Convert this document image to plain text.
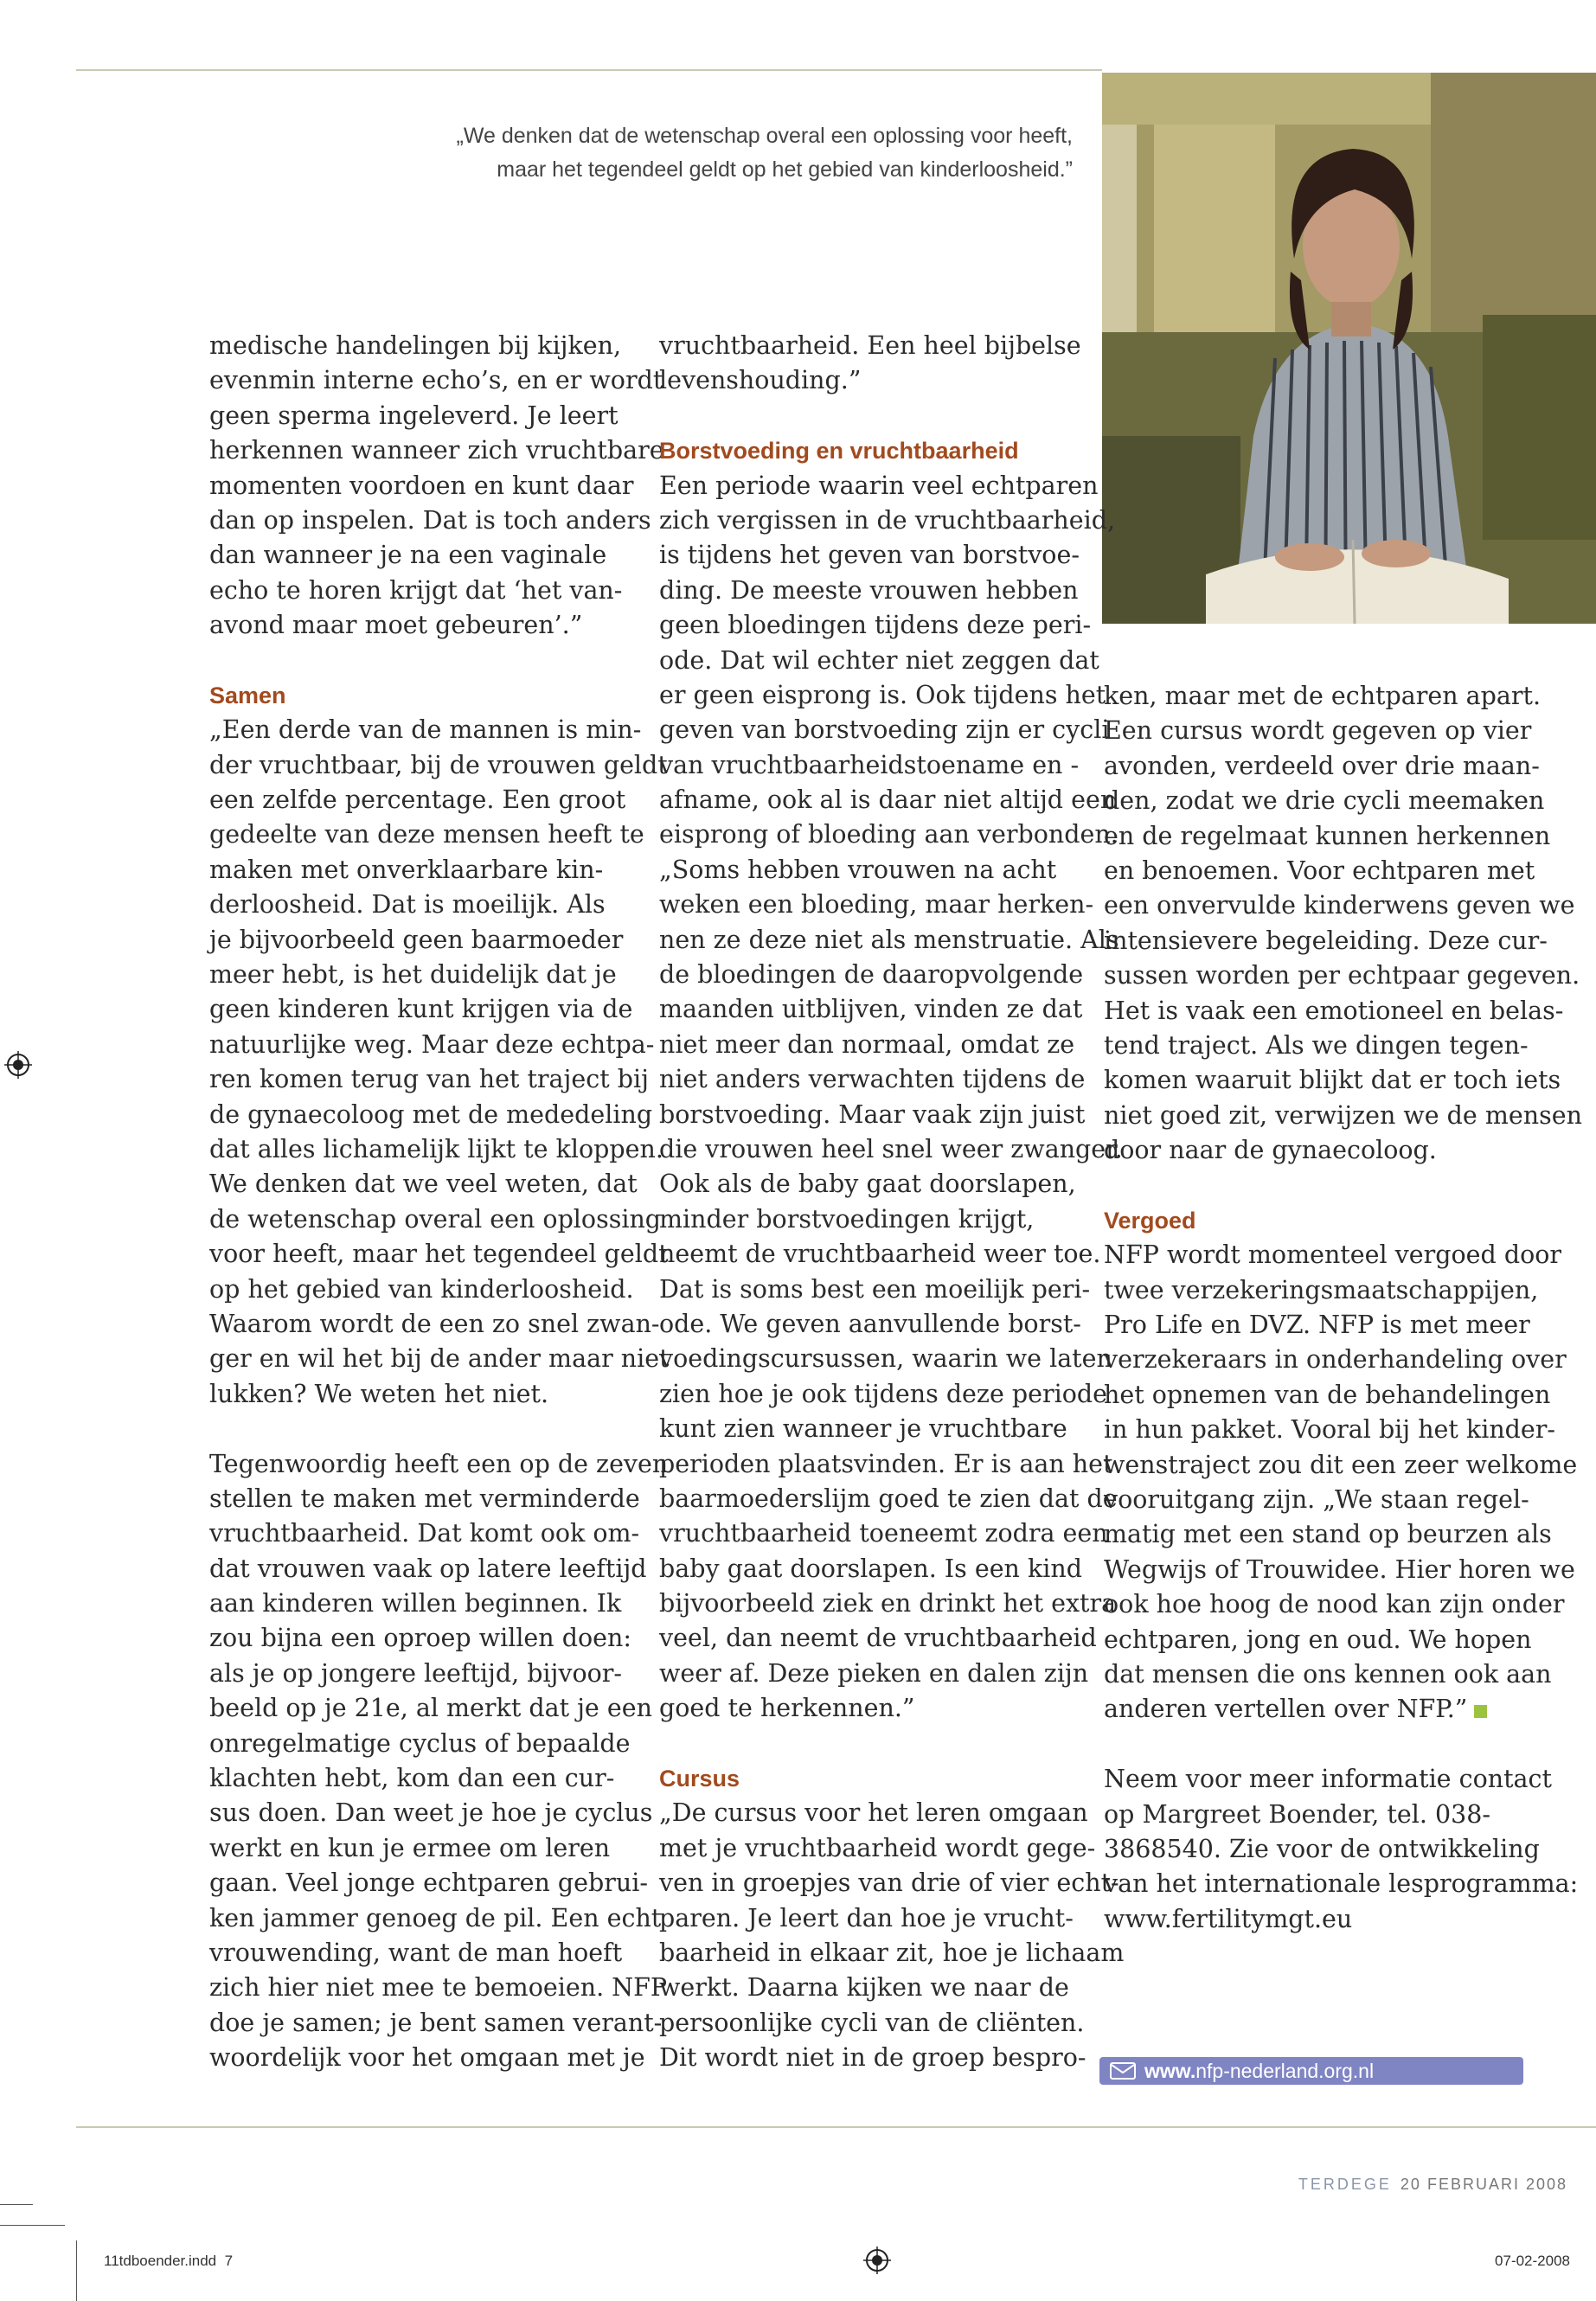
„We denken dat de wetenschap overal een oplossing voor heeft,
maar het tegendeel geldt op het gebied van kinderloosheid.”
medische handelingen bij kijken,
evenmin interne echo’s, en er wordt
geen sperma ingeleverd. Je leert
herkennen wanneer zich vruchtbare
momenten voordoen en kunt daar
dan op inspelen. Dat is toch anders
dan wanneer je na een vaginale
echo te horen krijgt dat ‘het van-
avond maar moet gebeuren’.”
Samen
„Een derde van de mannen is min-
der vruchtbaar, bij de vrouwen geldt
een zelfde percentage. Een groot
gedeelte van deze mensen heeft te
maken met onverklaarbare kin-
derloosheid. Dat is moeilijk. Als
je bijvoorbeeld geen baarmoeder
meer hebt, is het duidelijk dat je
geen kinderen kunt krijgen via de
natuurlijke weg. Maar deze echtpa-
ren komen terug van het traject bij
de gynaecoloog met de mededeling
dat alles lichamelijk lijkt te kloppen.
We denken dat we veel weten, dat
de wetenschap overal een oplossing
voor heeft, maar het tegendeel geldt
op het gebied van kinderloosheid.
Waarom wordt de een zo snel zwan-
ger en wil het bij de ander maar niet
lukken? We weten het niet.
Tegenwoordig heeft een op de zeven
stellen te maken met verminderde
vruchtbaarheid. Dat komt ook om-
dat vrouwen vaak op latere leeftijd
aan kinderen willen beginnen. Ik
zou bijna een oproep willen doen:
als je op jongere leeftijd, bijvoor-
beeld op je 21e, al merkt dat je een
onregelmatige cyclus of bepaalde
klachten hebt, kom dan een cur-
sus doen. Dan weet je hoe je cyclus
werkt en kun je ermee om leren
gaan. Veel jonge echtparen gebrui-
ken jammer genoeg de pil. Een echt
vrouwending, want de man hoeft
zich hier niet mee te bemoeien. NFP
doe je samen; je bent samen verant-
woordelijk voor het omgaan met je
vruchtbaarheid. Een heel bijbelse
levenshouding.”
Borstvoeding en vruchtbaarheid
Een periode waarin veel echtparen
zich vergissen in de vruchtbaarheid,
is tijdens het geven van borstvoe-
ding. De meeste vrouwen hebben
geen bloedingen tijdens deze peri-
ode. Dat wil echter niet zeggen dat
er geen eisprong is. Ook tijdens het
geven van borstvoeding zijn er cycli
van vruchtbaarheidstoename en -
afname, ook al is daar niet altijd een
eisprong of bloeding aan verbonden.
„Soms hebben vrouwen na acht
weken een bloeding, maar herken-
nen ze deze niet als menstruatie. Als
de bloedingen de daaropvolgende
maanden uitblijven, vinden ze dat
niet meer dan normaal, omdat ze
niet anders verwachten tijdens de
borstvoeding. Maar vaak zijn juist
die vrouwen heel snel weer zwanger.
Ook als de baby gaat doorslapen,
minder borstvoedingen krijgt,
neemt de vruchtbaarheid weer toe.
Dat is soms best een moeilijk peri-
ode. We geven aanvullende borst-
voedingscursussen, waarin we laten
zien hoe je ook tijdens deze periode
kunt zien wanneer je vruchtbare
perioden plaatsvinden. Er is aan het
baarmoederslijm goed te zien dat de
vruchtbaarheid toeneemt zodra een
baby gaat doorslapen. Is een kind
bijvoorbeeld ziek en drinkt het extra
veel, dan neemt de vruchtbaarheid
weer af. Deze pieken en dalen zijn
goed te herkennen.”
Cursus
„De cursus voor het leren omgaan
met je vruchtbaarheid wordt gege-
ven in groepjes van drie of vier echt-
paren. Je leert dan hoe je vrucht-
baarheid in elkaar zit, hoe je lichaam
werkt. Daarna kijken we naar de
persoonlijke cycli van de cliënten.
Dit wordt niet in de groep bespro-
ken, maar met de echtparen apart.
Een cursus wordt gegeven op vier
avonden, verdeeld over drie maan-
den, zodat we drie cycli meemaken
en de regelmaat kunnen herkennen
en benoemen. Voor echtparen met
een onvervulde kinderwens geven we
intensievere begeleiding. Deze cur-
sussen worden per echtpaar gegeven.
Het is vaak een emotioneel en belas-
tend traject. Als we dingen tegen-
komen waaruit blijkt dat er toch iets
niet goed zit, verwijzen we de mensen
door naar de gynaecoloog.
Vergoed
NFP wordt momenteel vergoed door
twee verzekeringsmaatschappijen,
Pro Life en DVZ. NFP is met meer
verzekeraars in onderhandeling over
het opnemen van de behandelingen
in hun pakket. Vooral bij het kinder-
wenstraject zou dit een zeer welkome
vooruitgang zijn. „We staan regel-
matig met een stand op beurzen als
Wegwijs of Trouwidee. Hier horen we
ook hoe hoog de nood kan zijn onder
echtparen, jong en oud. We hopen
dat mensen die ons kennen ook aan
anderen vertellen over NFP.”
Neem voor meer informatie contact
op Margreet Boender, tel. 038-
3868540. Zie voor de ontwikkeling
van het internationale lesprogramma:
www.fertilitymgt.eu
www. nfp-nederland.org.nl
TERDEGE 20 FEBRUARI 2008
11tdboender.indd 7	07-02-2008
